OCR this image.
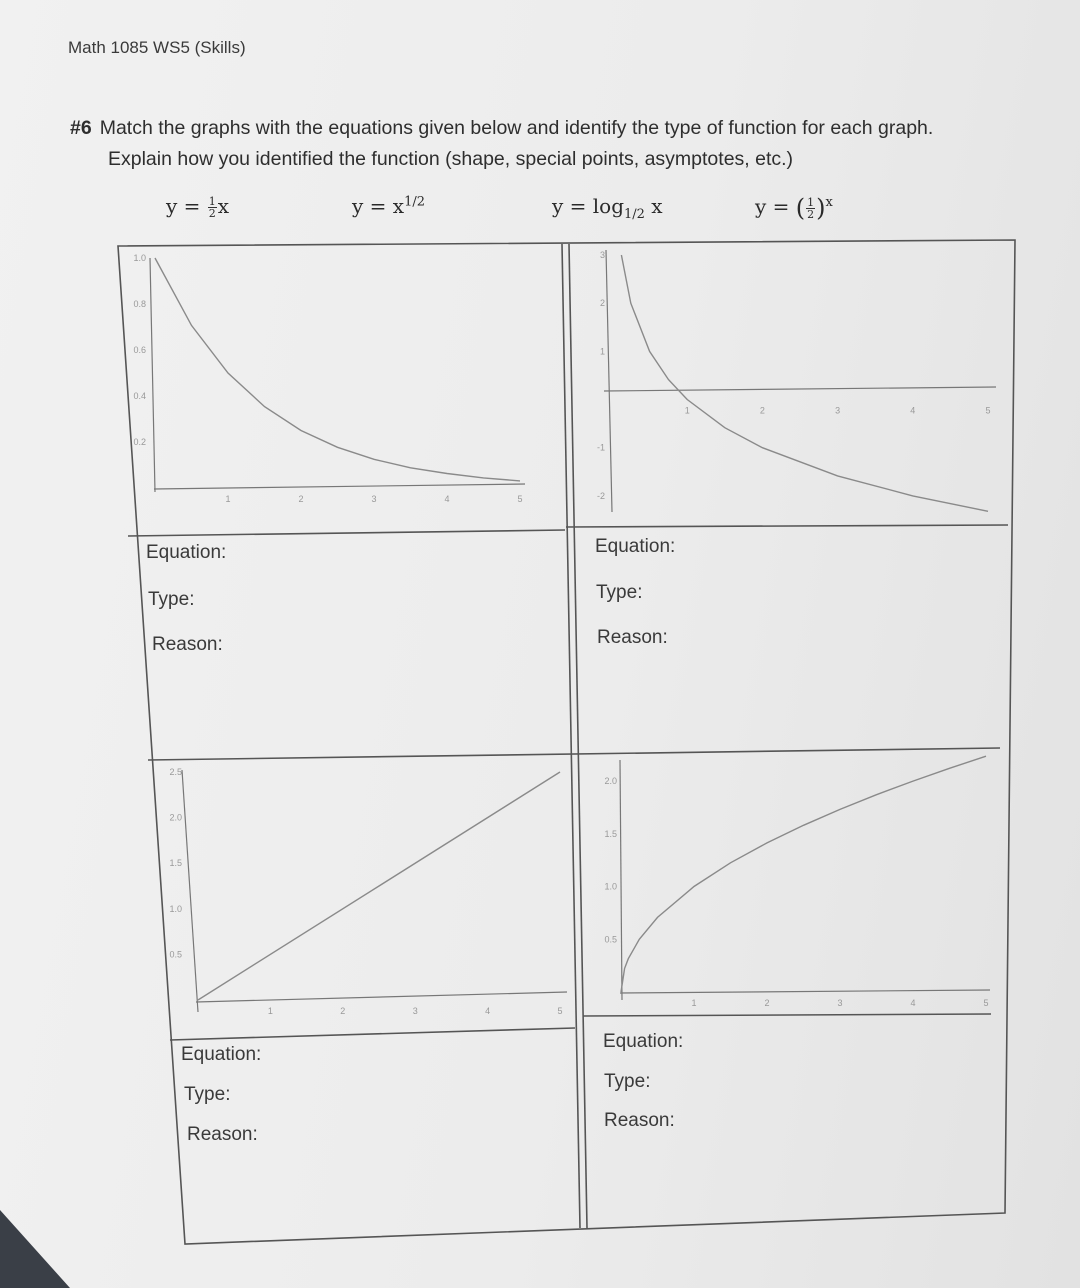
Math 1085 WS5 (Skills)
#6 Match the graphs with the equations given below and identify the type of function for each graph.
Explain how you identified the function (shape, special points, asymptotes, etc.)
$y = \frac{1}{2}$ x	$y = x^{1/2}$	$y = \log_{1/2} x$	y = ( $\frac{1}{2} )^x$
1	2	3	4	5
1.0
0.8
0.6
0.4
0.2
1	2	3	4	5
3
2
1
-1
-2
1	2	3	4	5
2.5
2.0
1.5
1.0
0.5
1	2	3	4	5
2.0
1.5
1.0
0.5
Equation:
Type:
Reason:
Equation:
Type:
Reason:
Equation:
Type:
Reason:
Equation:
Type:
Reason:
